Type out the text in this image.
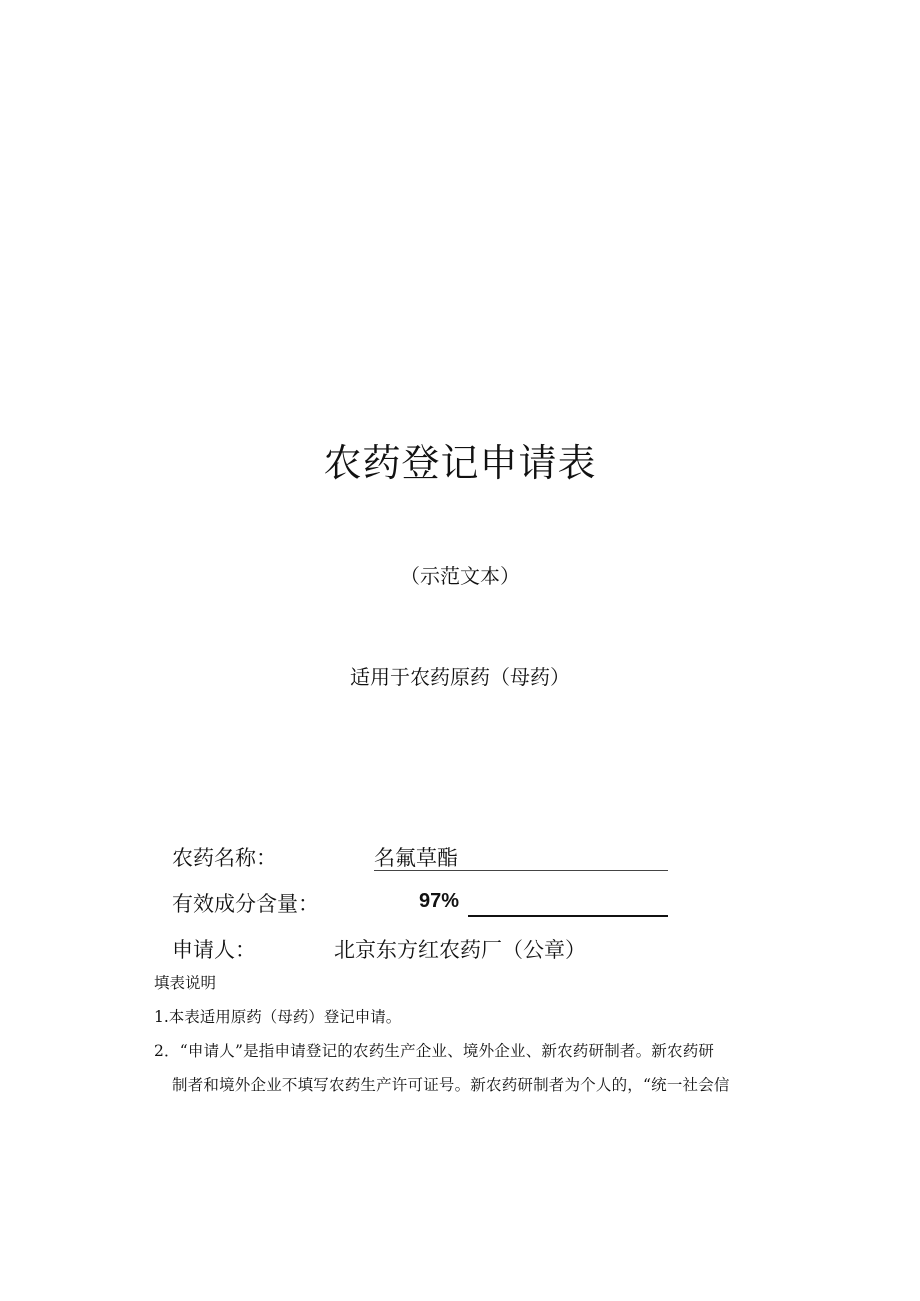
农药登记申请表
（示范文本）
适用于农药原药（母药）
农药名称：	名氟草酯
有效成分含量：	97%
申请人：	北京东方红农药厂（公章）
填表说明
1.本表适用原药（母药）登记申请。
2．“申请人”是指申请登记的农药生产企业、境外企业、新农药研制者。新农药研
制者和境外企业不填写农药生产许可证号。新农药研制者为个人的，“统一社会信
